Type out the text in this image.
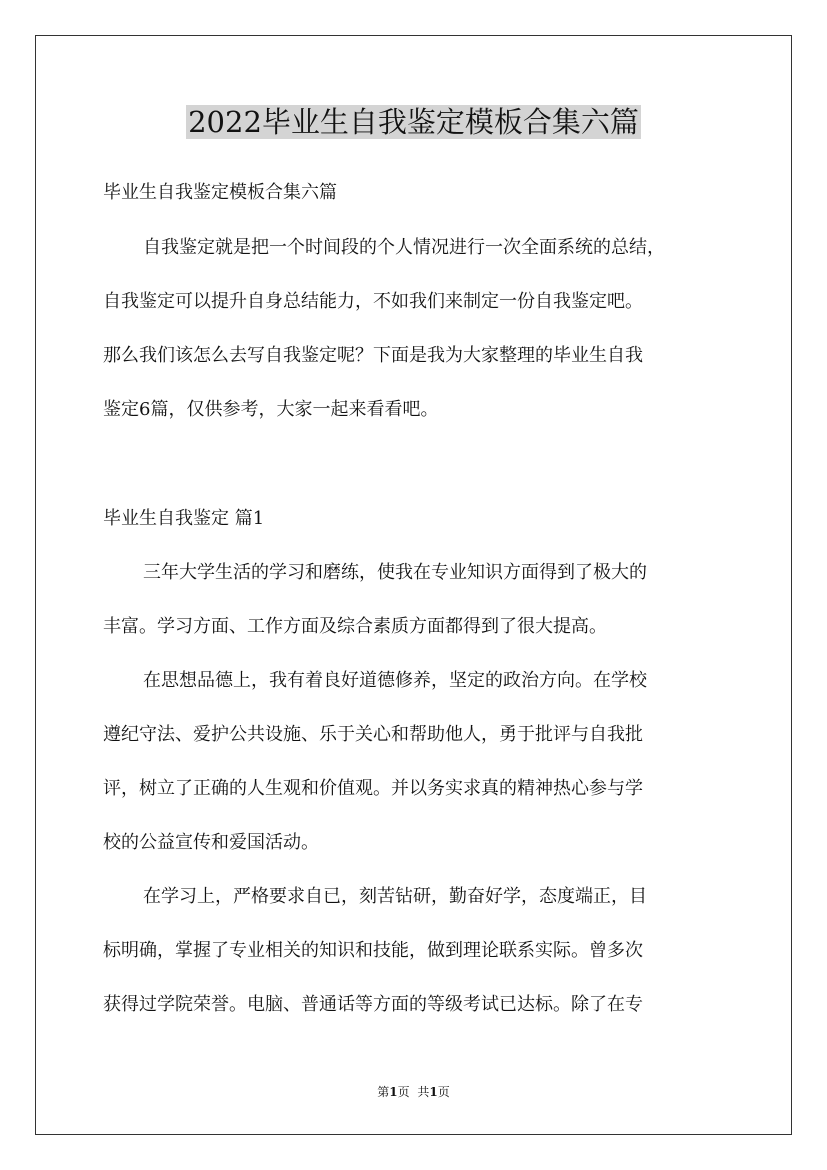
2022毕业生自我鉴定模板合集六篇
毕业生自我鉴定模板合集六篇
自我鉴定就是把一个时间段的个人情况进行一次全面系统的总结，
自我鉴定可以提升自身总结能力，不如我们来制定一份自我鉴定吧。
那么我们该怎么去写自我鉴定呢？下面是我为大家整理的毕业生自我
鉴定6篇，仅供参考，大家一起来看看吧。
毕业生自我鉴定 篇1
三年大学生活的学习和磨练，使我在专业知识方面得到了极大的
丰富。学习方面、工作方面及综合素质方面都得到了很大提高。
在思想品德上，我有着良好道德修养，坚定的政治方向。在学校
遵纪守法、爱护公共设施、乐于关心和帮助他人，勇于批评与自我批
评，树立了正确的人生观和价值观。并以务实求真的精神热心参与学
校的公益宣传和爱国活动。
在学习上，严格要求自已，刻苦钻研，勤奋好学，态度端正，目
标明确，掌握了专业相关的知识和技能，做到理论联系实际。曾多次
获得过学院荣誉。电脑、普通话等方面的等级考试已达标。除了在专
第1页 共1页
